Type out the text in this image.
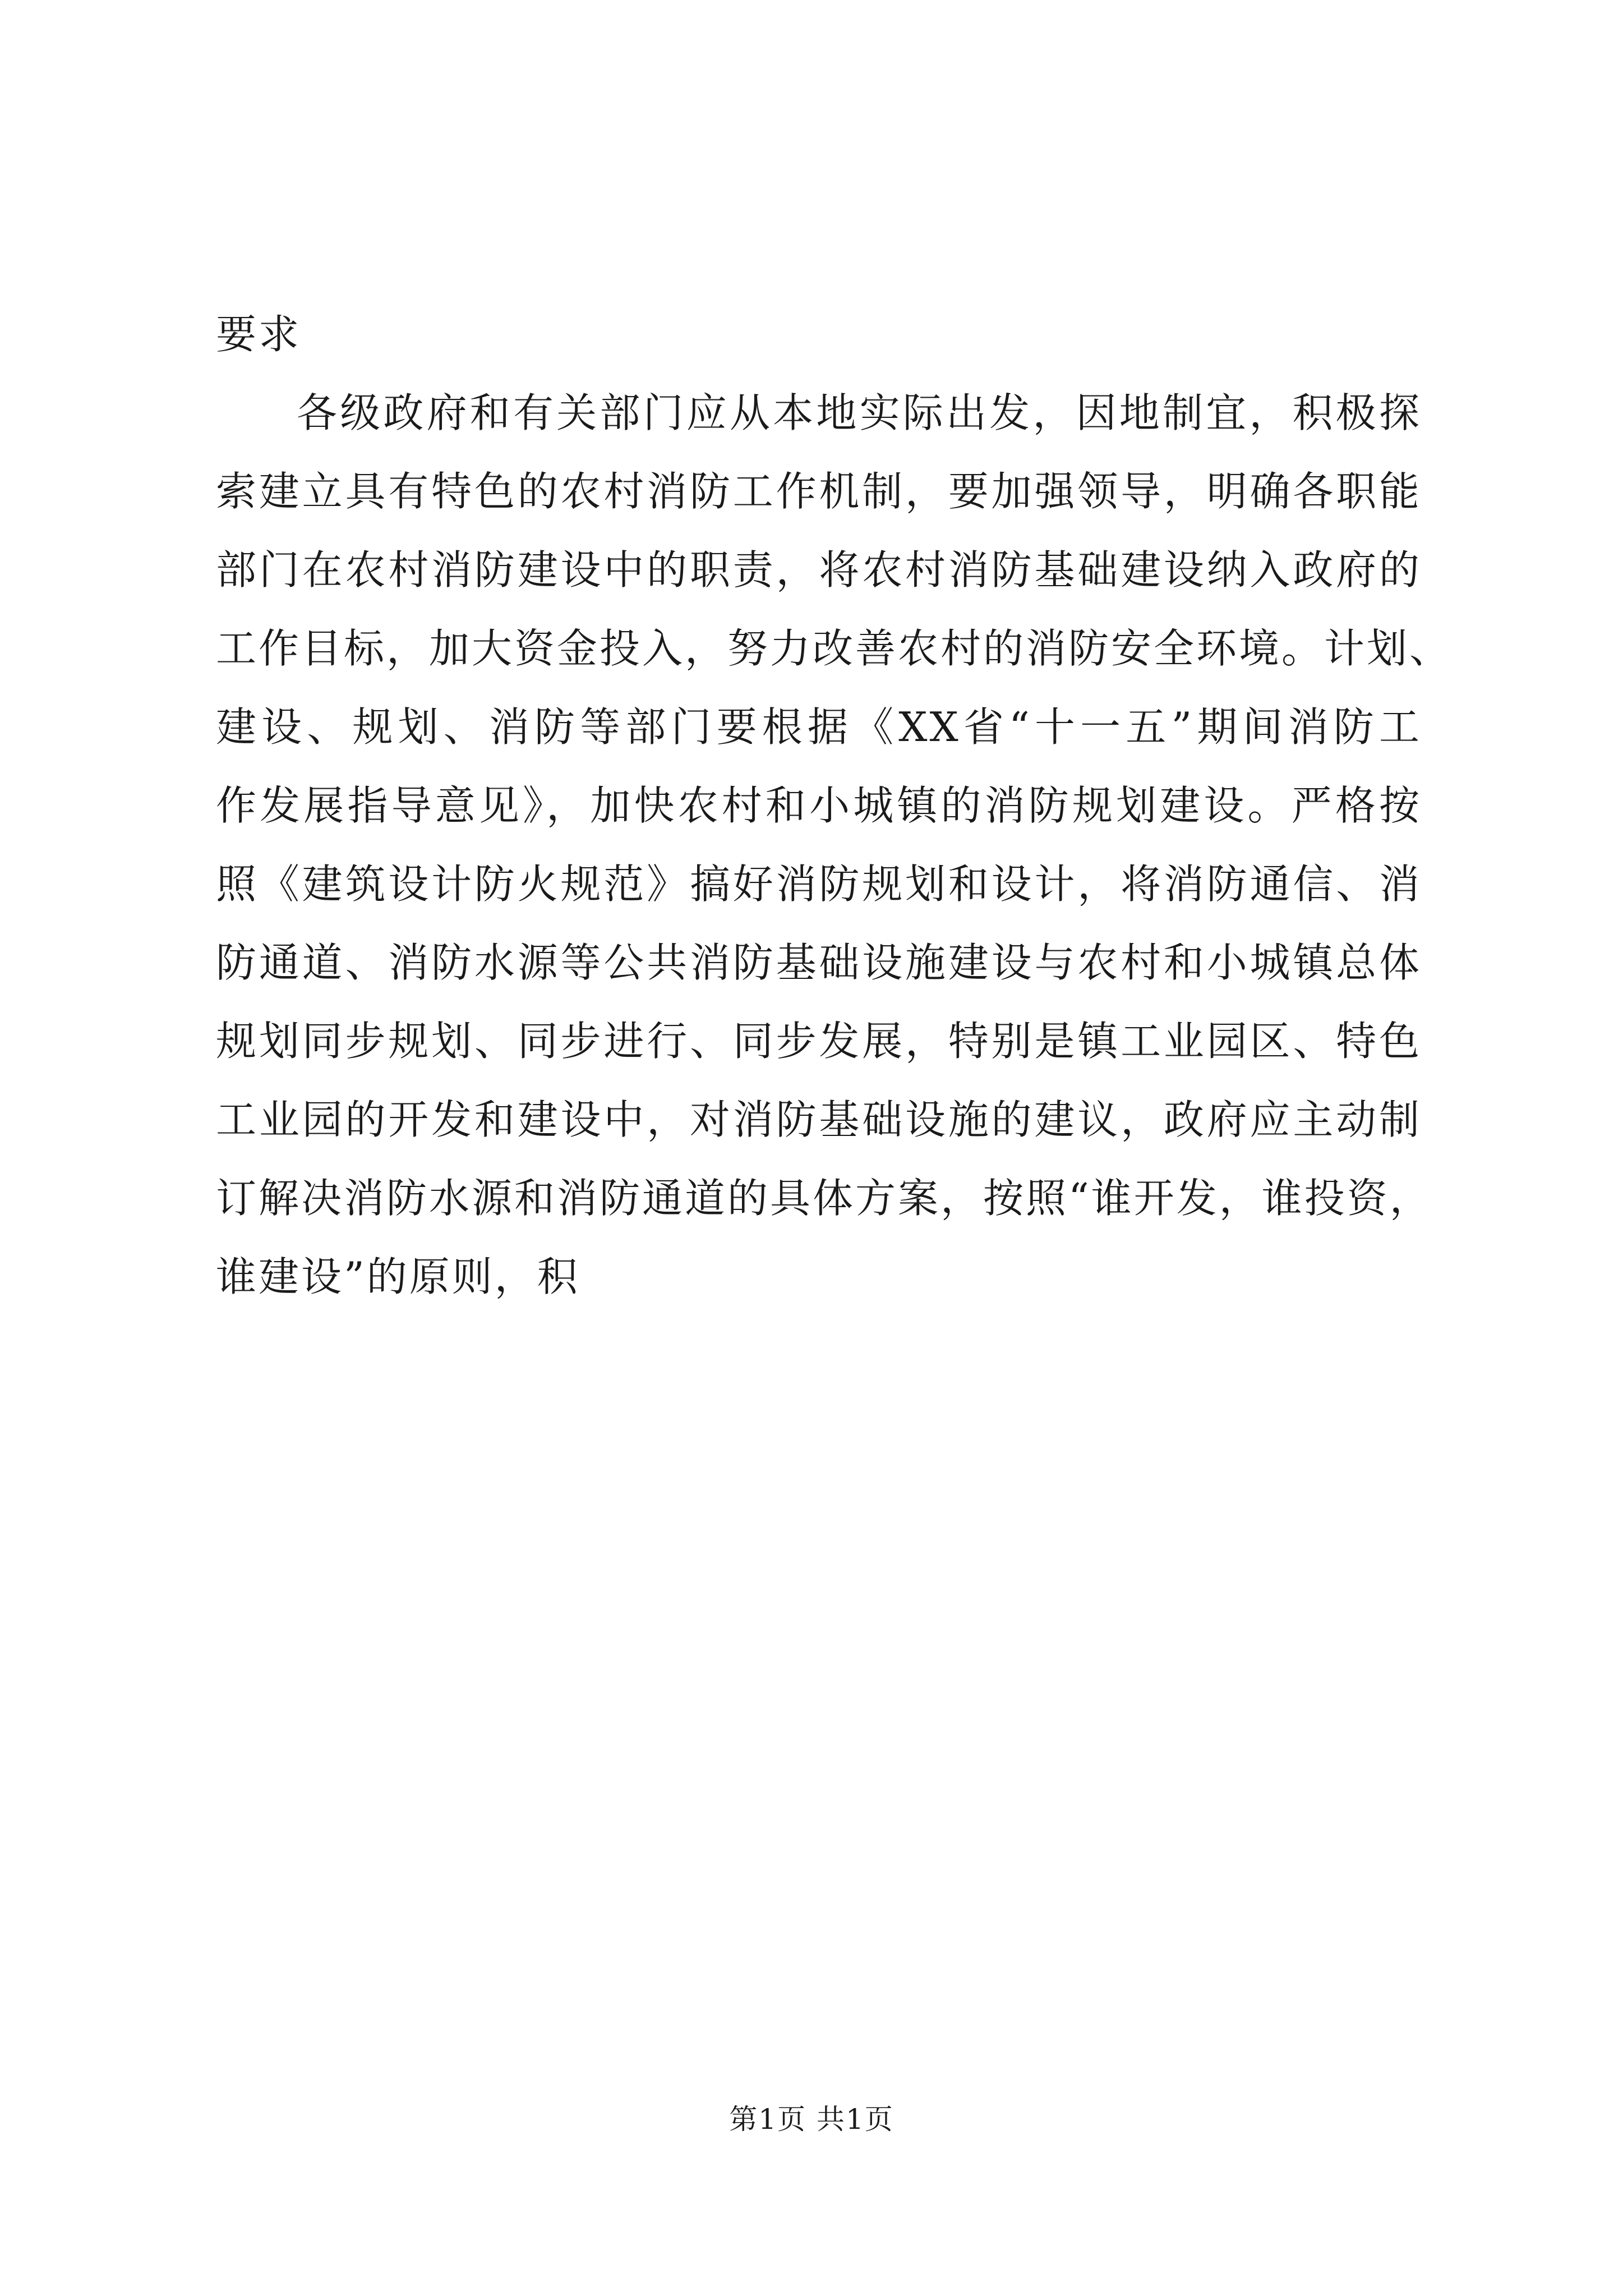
要求
各级政府和有关部门应从本地实际出发，因地制宜，积极探
索建立具有特色的农村消防工作机制，要加强领导，明确各职能
部门在农村消防建设中的职责，将农村消防基础建设纳入政府的
工作目标，加大资金投入，努力改善农村的消防安全环境。计划、
建设、规划、消防等部门要根据《XX省“十一五”期间消防工
作发展指导意见》，加快农村和小城镇的消防规划建设。严格按
照《建筑设计防火规范》搞好消防规划和设计，将消防通信、消
防通道、消防水源等公共消防基础设施建设与农村和小城镇总体
规划同步规划、同步进行、同步发展，特别是镇工业园区、特色
工业园的开发和建设中，对消防基础设施的建议，政府应主动制
订解决消防水源和消防通道的具体方案，按照“谁开发，谁投资，
谁建设”的原则，积
第1页 共1页
